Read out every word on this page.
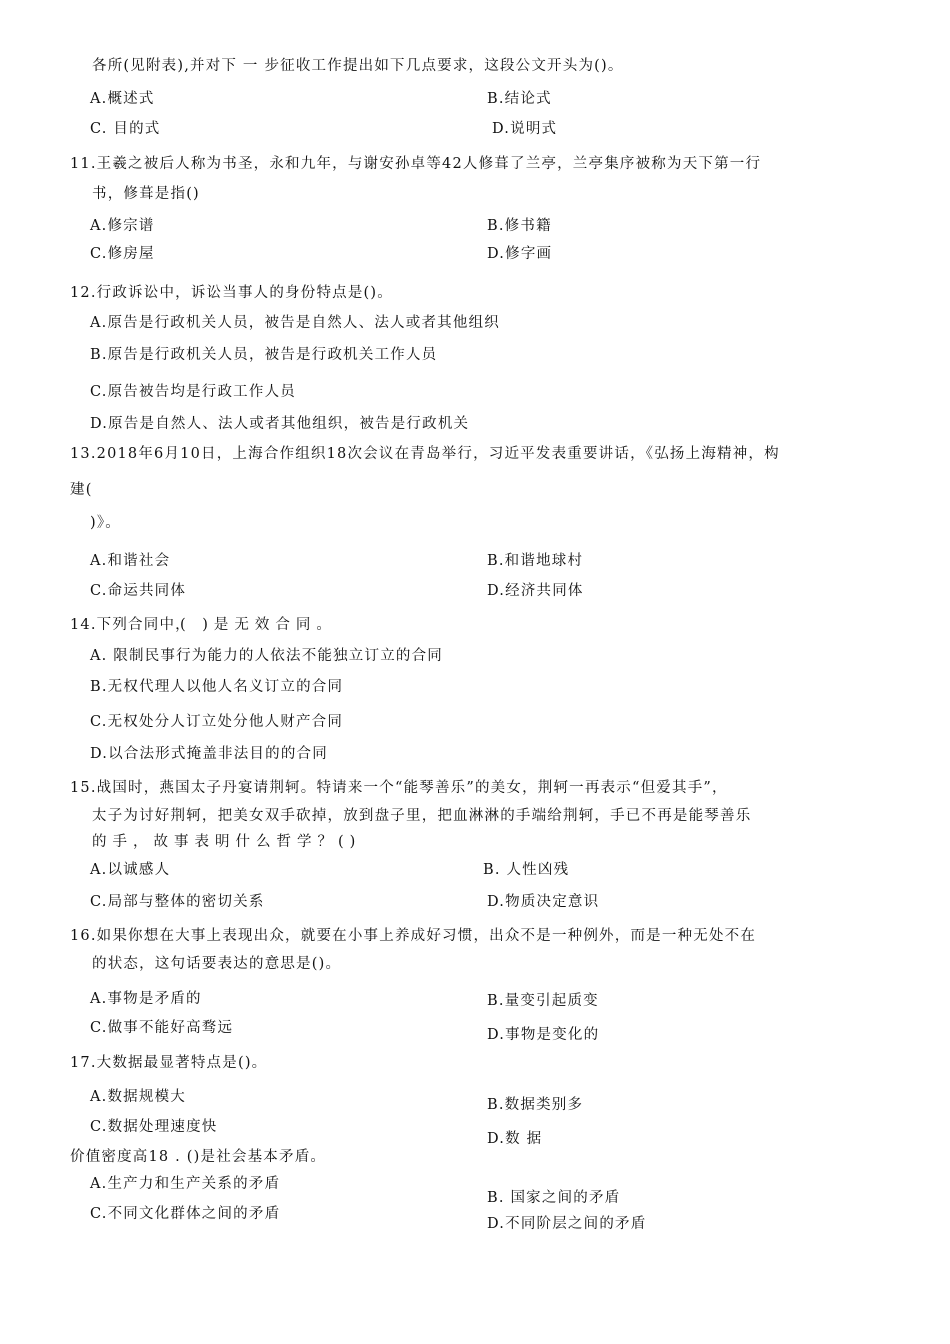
各所(见附表),并对下 一 步征收工作提出如下几点要求，这段公文开头为()。
A.概述式	B.结论式
C. 目的式	D.说明式
11.王羲之被后人称为书圣，永和九年，与谢安孙卓等42人修葺了兰亭，兰亭集序被称为天下第一行
书，修葺是指()
A.修宗谱	B.修书籍
C.修房屋	D.修字画
12.行政诉讼中，诉讼当事人的身份特点是()。
A.原告是行政机关人员，被告是自然人、法人或者其他组织
B.原告是行政机关人员，被告是行政机关工作人员
C.原告被告均是行政工作人员
D.原告是自然人、法人或者其他组织，被告是行政机关
13.2018年6月10日，上海合作组织18次会议在青岛举行，习近平发表重要讲话，《弘扬上海精神，构
建(
)》。
A.和谐社会	B.和谐地球村
C.命运共同体	D.经济共同体
14.下列合同中，
( )是无效合同。
A. 限制民事行为能力的人依法不能独立订立的合同
B.无权代理人以他人名义订立的合同
C.无权处分人订立处分他人财产合同
D.以合法形式掩盖非法目的的合同
15.战国时，燕国太子丹宴请荆轲。特请来一个“能琴善乐”的美女，荆轲一再表示“但爱其手”，
太子为讨好荆轲，把美女双手砍掉，放到盘子里，把血淋淋的手端给荆轲，手已不再是能琴善乐
的手，故事表明什么哲学？()
A.以诚感人	B. 人性凶残
C.局部与整体的密切关系	D.物质决定意识
16.如果你想在大事上表现出众，就要在小事上养成好习惯，出众不是一种例外，而是一种无处不在
的状态，这句话要表达的意思是()。
A.事物是矛盾的	B.量变引起质变
C.做事不能好高骛远	D.事物是变化的
17.大数据最显著特点是()。
A.数据规模大	B.数据类别多
C.数据处理速度快
D.数 据
价值密度高18 . ()是社会基本矛盾。
A.生产力和生产关系的矛盾
B. 国家之间的矛盾
C.不同文化群体之间的矛盾
D.不同阶层之间的矛盾
